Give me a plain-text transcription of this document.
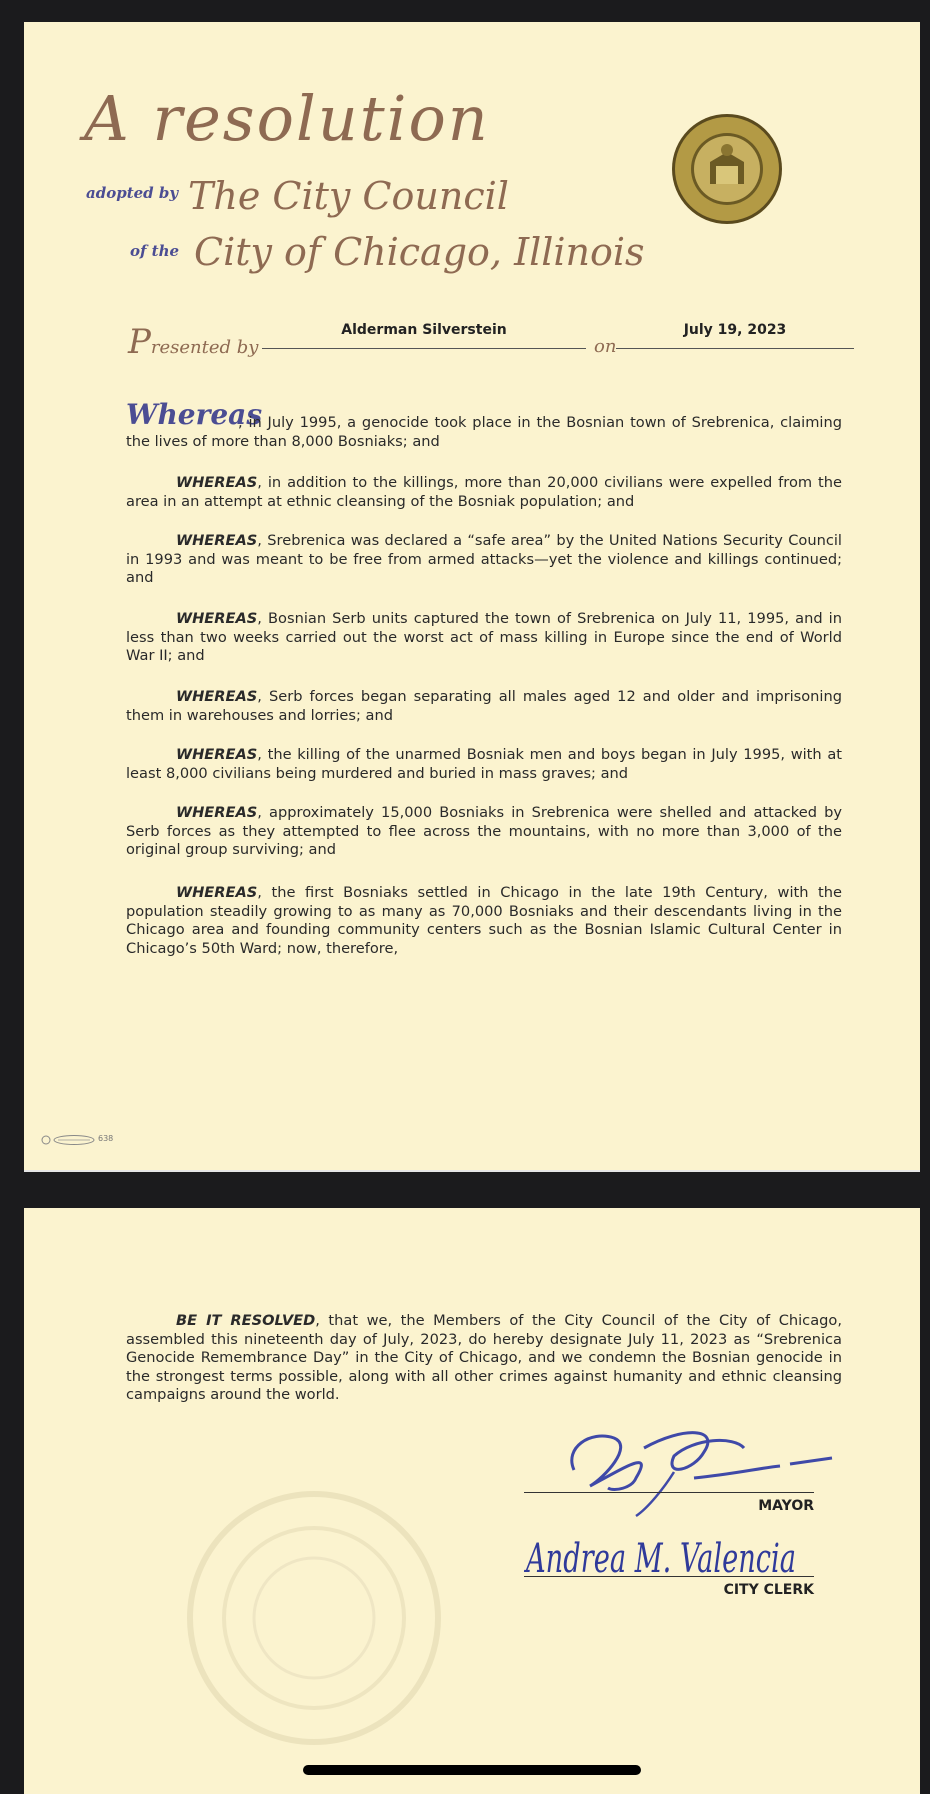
A resolution
adopted by The City Council
of the City of Chicago, Illinois
Presented by
Alderman Silverstein
on
July 19, 2023
Whereas

, in July 1995, a genocide took place in the Bosnian town of Srebrenica, claiming the lives of more than 8,000 Bosniaks; and

WHEREAS, in addition to the killings, more than 20,000 civilians were expelled from the area in an attempt at ethnic cleansing of the Bosniak population; and

WHEREAS, Srebrenica was declared a “safe area” by the United Nations Security Council in 1993 and was meant to be free from armed attacks—yet the violence and killings continued; and

WHEREAS, Bosnian Serb units captured the town of Srebrenica on July 11, 1995, and in less than two weeks carried out the worst act of mass killing in Europe since the end of World War II; and

WHEREAS, Serb forces began separating all males aged 12 and older and imprisoning them in warehouses and lorries; and

WHEREAS, the killing of the unarmed Bosniak men and boys began in July 1995, with at least 8,000 civilians being murdered and buried in mass graves; and

WHEREAS, approximately 15,000 Bosniaks in Srebrenica were shelled and attacked by Serb forces as they attempted to flee across the mountains, with no more than 3,000 of the original group surviving; and

WHEREAS, the first Bosniaks settled in Chicago in the late 19th Century, with the population steadily growing to as many as 70,000 Bosniaks and their descendants living in the Chicago area and founding community centers such as the Bosnian Islamic Cultural Center in Chicago’s 50th Ward; now, therefore,

638

BE IT RESOLVED, that we, the Members of the City Council of the City of Chicago, assembled this nineteenth day of July, 2023, do hereby designate July 11, 2023 as “Srebrenica Genocide Remembrance Day” in the City of Chicago, and we condemn the Bosnian genocide in the strongest terms possible, along with all other crimes against humanity and ethnic cleansing campaigns around the world.

MAYOR
Andrea M. Valencia
CITY CLERK
